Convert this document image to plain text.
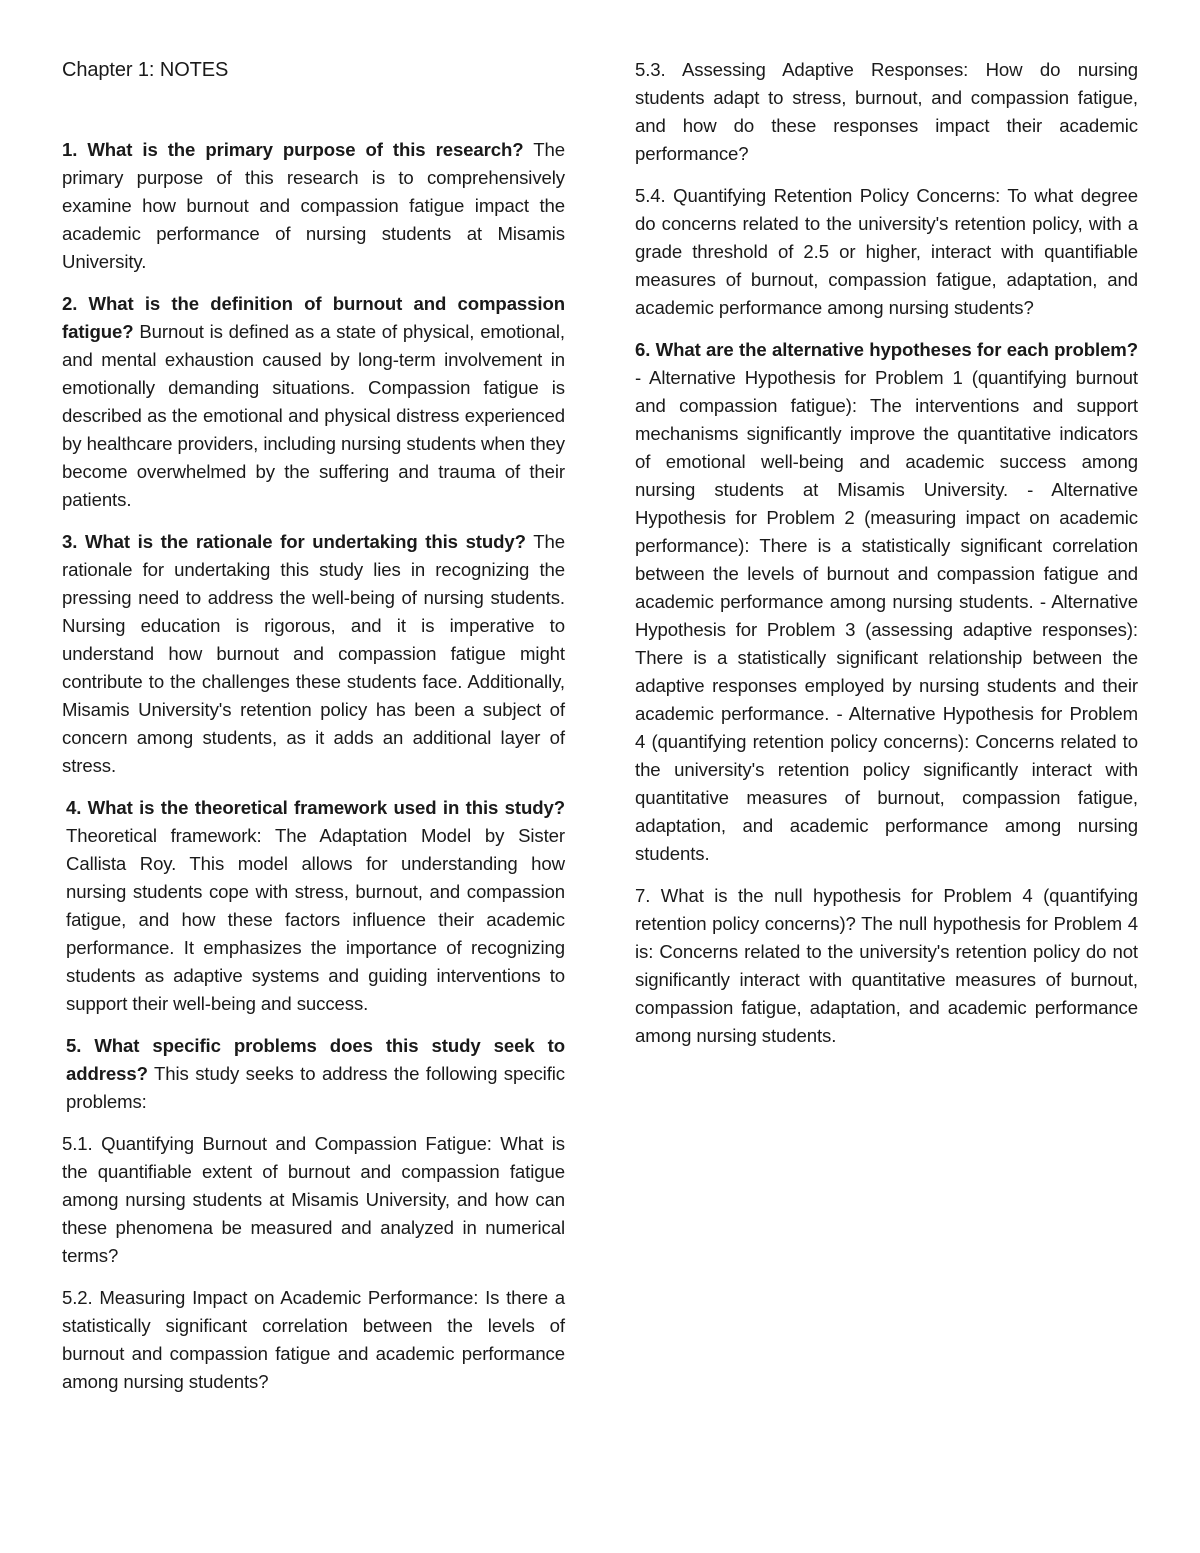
Chapter 1: NOTES

1. What is the primary purpose of this research? The primary purpose of this research is to comprehensively examine how burnout and compassion fatigue impact the academic performance of nursing students at Misamis University.

2. What is the definition of burnout and compassion fatigue? Burnout is defined as a state of physical, emotional, and mental exhaustion caused by long-term involvement in emotionally demanding situations. Compassion fatigue is described as the emotional and physical distress experienced by healthcare providers, including nursing students when they become overwhelmed by the suffering and trauma of their patients.

3. What is the rationale for undertaking this study? The rationale for undertaking this study lies in recognizing the pressing need to address the well-being of nursing students. Nursing education is rigorous, and it is imperative to understand how burnout and compassion fatigue might contribute to the challenges these students face. Additionally, Misamis University's retention policy has been a subject of concern among students, as it adds an additional layer of stress.

4. What is the theoretical framework used in this study? Theoretical framework: The Adaptation Model by Sister Callista Roy. This model allows for understanding how nursing students cope with stress, burnout, and compassion fatigue, and how these factors influence their academic performance. It emphasizes the importance of recognizing students as adaptive systems and guiding interventions to support their well-being and success.

5. What specific problems does this study seek to address? This study seeks to address the following specific problems:

5.1. Quantifying Burnout and Compassion Fatigue: What is the quantifiable extent of burnout and compassion fatigue among nursing students at Misamis University, and how can these phenomena be measured and analyzed in numerical terms?

5.2. Measuring Impact on Academic Performance: Is there a statistically significant correlation between the levels of burnout and compassion fatigue and academic performance among nursing students?

5.3. Assessing Adaptive Responses: How do nursing students adapt to stress, burnout, and compassion fatigue, and how do these responses impact their academic performance?

5.4. Quantifying Retention Policy Concerns: To what degree do concerns related to the university's retention policy, with a grade threshold of 2.5 or higher, interact with quantifiable measures of burnout, compassion fatigue, adaptation, and academic performance among nursing students?

6. What are the alternative hypotheses for each problem? - Alternative Hypothesis for Problem 1 (quantifying burnout and compassion fatigue): The interventions and support mechanisms significantly improve the quantitative indicators of emotional well-being and academic success among nursing students at Misamis University. - Alternative Hypothesis for Problem 2 (measuring impact on academic performance): There is a statistically significant correlation between the levels of burnout and compassion fatigue and academic performance among nursing students. - Alternative Hypothesis for Problem 3 (assessing adaptive responses): There is a statistically significant relationship between the adaptive responses employed by nursing students and their academic performance. - Alternative Hypothesis for Problem 4 (quantifying retention policy concerns): Concerns related to the university's retention policy significantly interact with quantitative measures of burnout, compassion fatigue, adaptation, and academic performance among nursing students.

7. What is the null hypothesis for Problem 4 (quantifying retention policy concerns)? The null hypothesis for Problem 4 is: Concerns related to the university's retention policy do not significantly interact with quantitative measures of burnout, compassion fatigue, adaptation, and academic performance among nursing students.
